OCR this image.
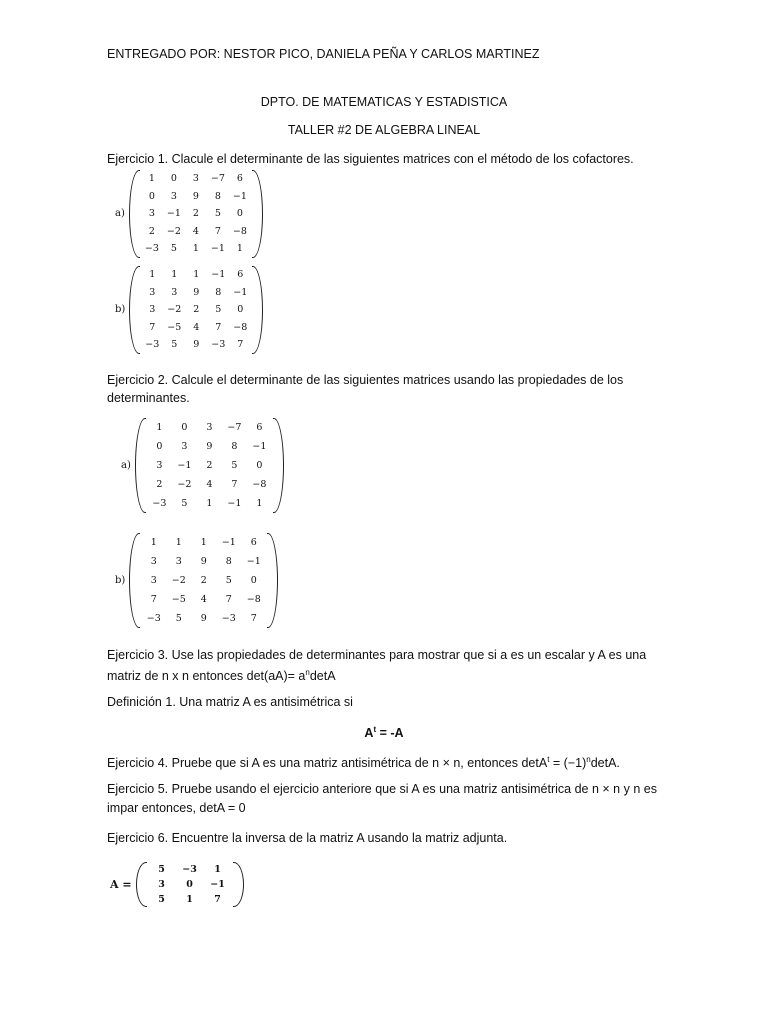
ENTREGADO POR: NESTOR PICO, DANIELA PEÑA Y CARLOS MARTINEZ
DPTO. DE MATEMATICAS Y ESTADISTICA
TALLER #2 DE ALGEBRA LINEAL
Ejercicio 1. Clacule el determinante de las siguientes matrices con el método de los cofactores.
a)
1	0	3	−7	6
0	3	9	8	−1
3	−1	2	5	0
2	−2	4	7	−8
−3	5	1	−1	1
b)
1	1	1	−1	6
3	3	9	8	−1
3	−2	2	5	0
7	−5	4	7	−8
−3	5	9	−3	7
Ejercicio 2. Calcule el determinante de las siguientes matrices usando las propiedades de los
determinantes.
a)
1	0	3	−7	6
0	3	9	8	−1
3	−1	2	5	0
2	−2	4	7	−8
−3	5	1	−1	1
b)
1	1	1	−1	6
3	3	9	8	−1
3	−2	2	5	0
7	−5	4	7	−8
−3	5	9	−3	7
Ejercicio 3. Use las propiedades de determinantes para mostrar que si a es un escalar y A es una
matriz de n x n entonces $\det(aA)= a^n\det A$
Definición 1. Una matriz A es antisimétrica si
$A^t = -A$
Ejercicio 4. Pruebe que si A es una matriz antisimétrica de n × n, entonces $\det A^t = (-1)^n\det A$.
Ejercicio 5. Pruebe usando el ejercicio anteriore que si A es una matriz antisimétrica de n × n y n es
impar entonces, detA = 0
Ejercicio 6. Encuentre la inversa de la matriz A usando la matriz adjunta.
A =
5	−3	1
3	0	−1
5	1	7
